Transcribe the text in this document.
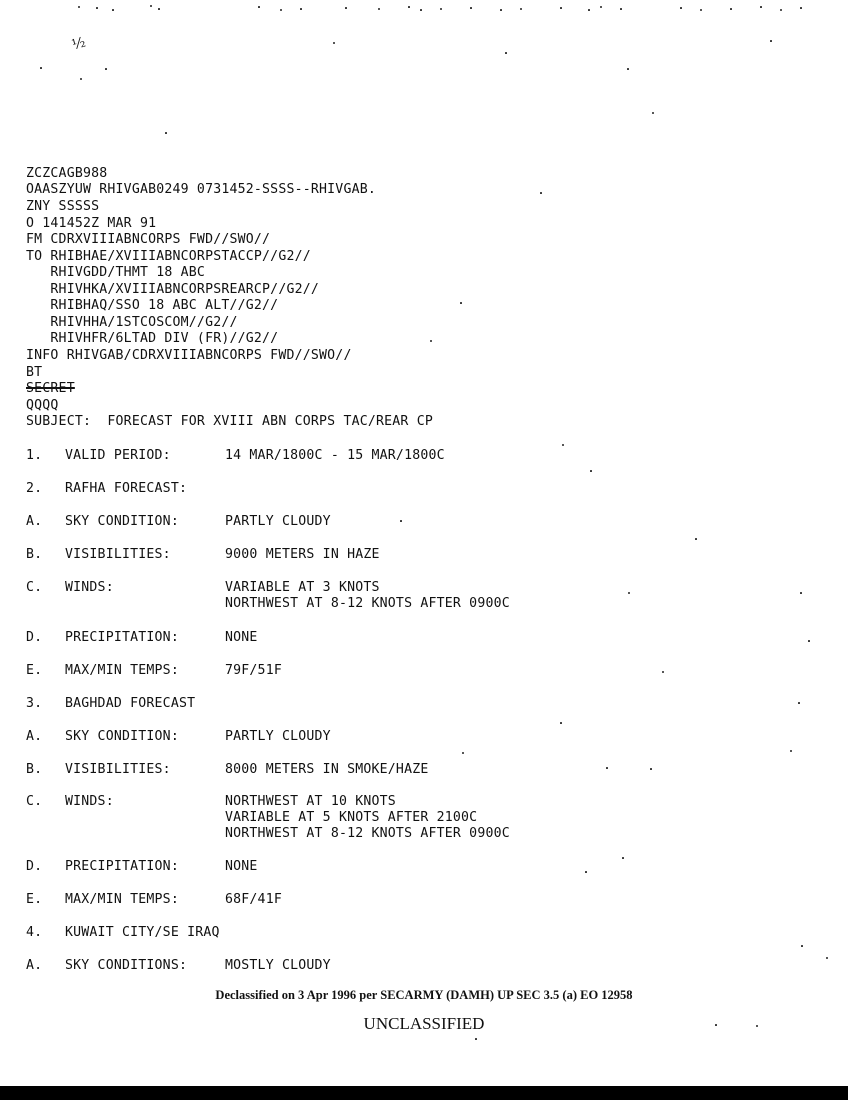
½
ZCZCAGB988
OAASZYUW RHIVGAB0249 0731452-SSSS--RHIVGAB.
ZNY SSSSS
O 141452Z MAR 91
FM CDRXVIIIABNCORPS FWD//SWO//
TO RHIBHAE/XVIIIABNCORPSTACCP//G2//
RHIVGDD/THMT 18 ABC
RHIVHKA/XVIIIABNCORPSREARCP//G2//
RHIBHAQ/SSO 18 ABC ALT//G2//
RHIVHHA/1STCOSCOM//G2//
RHIVHFR/6LTAD DIV (FR)//G2//
INFO RHIVGAB/CDRXVIIIABNCORPS FWD//SWO//
BT
SECRET
QQQQ
SUBJECT:  FORECAST FOR XVIII ABN CORPS TAC/REAR CP
1. VALID PERIOD:	14 MAR/1800C - 15 MAR/1800C
2. RAFHA FORECAST:
A. SKY CONDITION:	PARTLY CLOUDY
B. VISIBILITIES:	9000 METERS IN HAZE
C. WINDS:	VARIABLE AT 3 KNOTS
NORTHWEST AT 8-12 KNOTS AFTER 0900C
D. PRECIPITATION:	NONE
E. MAX/MIN TEMPS:	79F/51F
3. BAGHDAD FORECAST
A. SKY CONDITION:	PARTLY CLOUDY
B. VISIBILITIES:	8000 METERS IN SMOKE/HAZE
C. WINDS:	NORTHWEST AT 10 KNOTS
VARIABLE AT 5 KNOTS AFTER 2100C
NORTHWEST AT 8-12 KNOTS AFTER 0900C
D. PRECIPITATION:	NONE
E. MAX/MIN TEMPS:	68F/41F
4. KUWAIT CITY/SE IRAQ
A. SKY CONDITIONS:	MOSTLY CLOUDY
Declassified on 3 Apr 1996 per SECARMY (DAMH) UP SEC 3.5 (a) EO 12958
UNCLASSIFIED
